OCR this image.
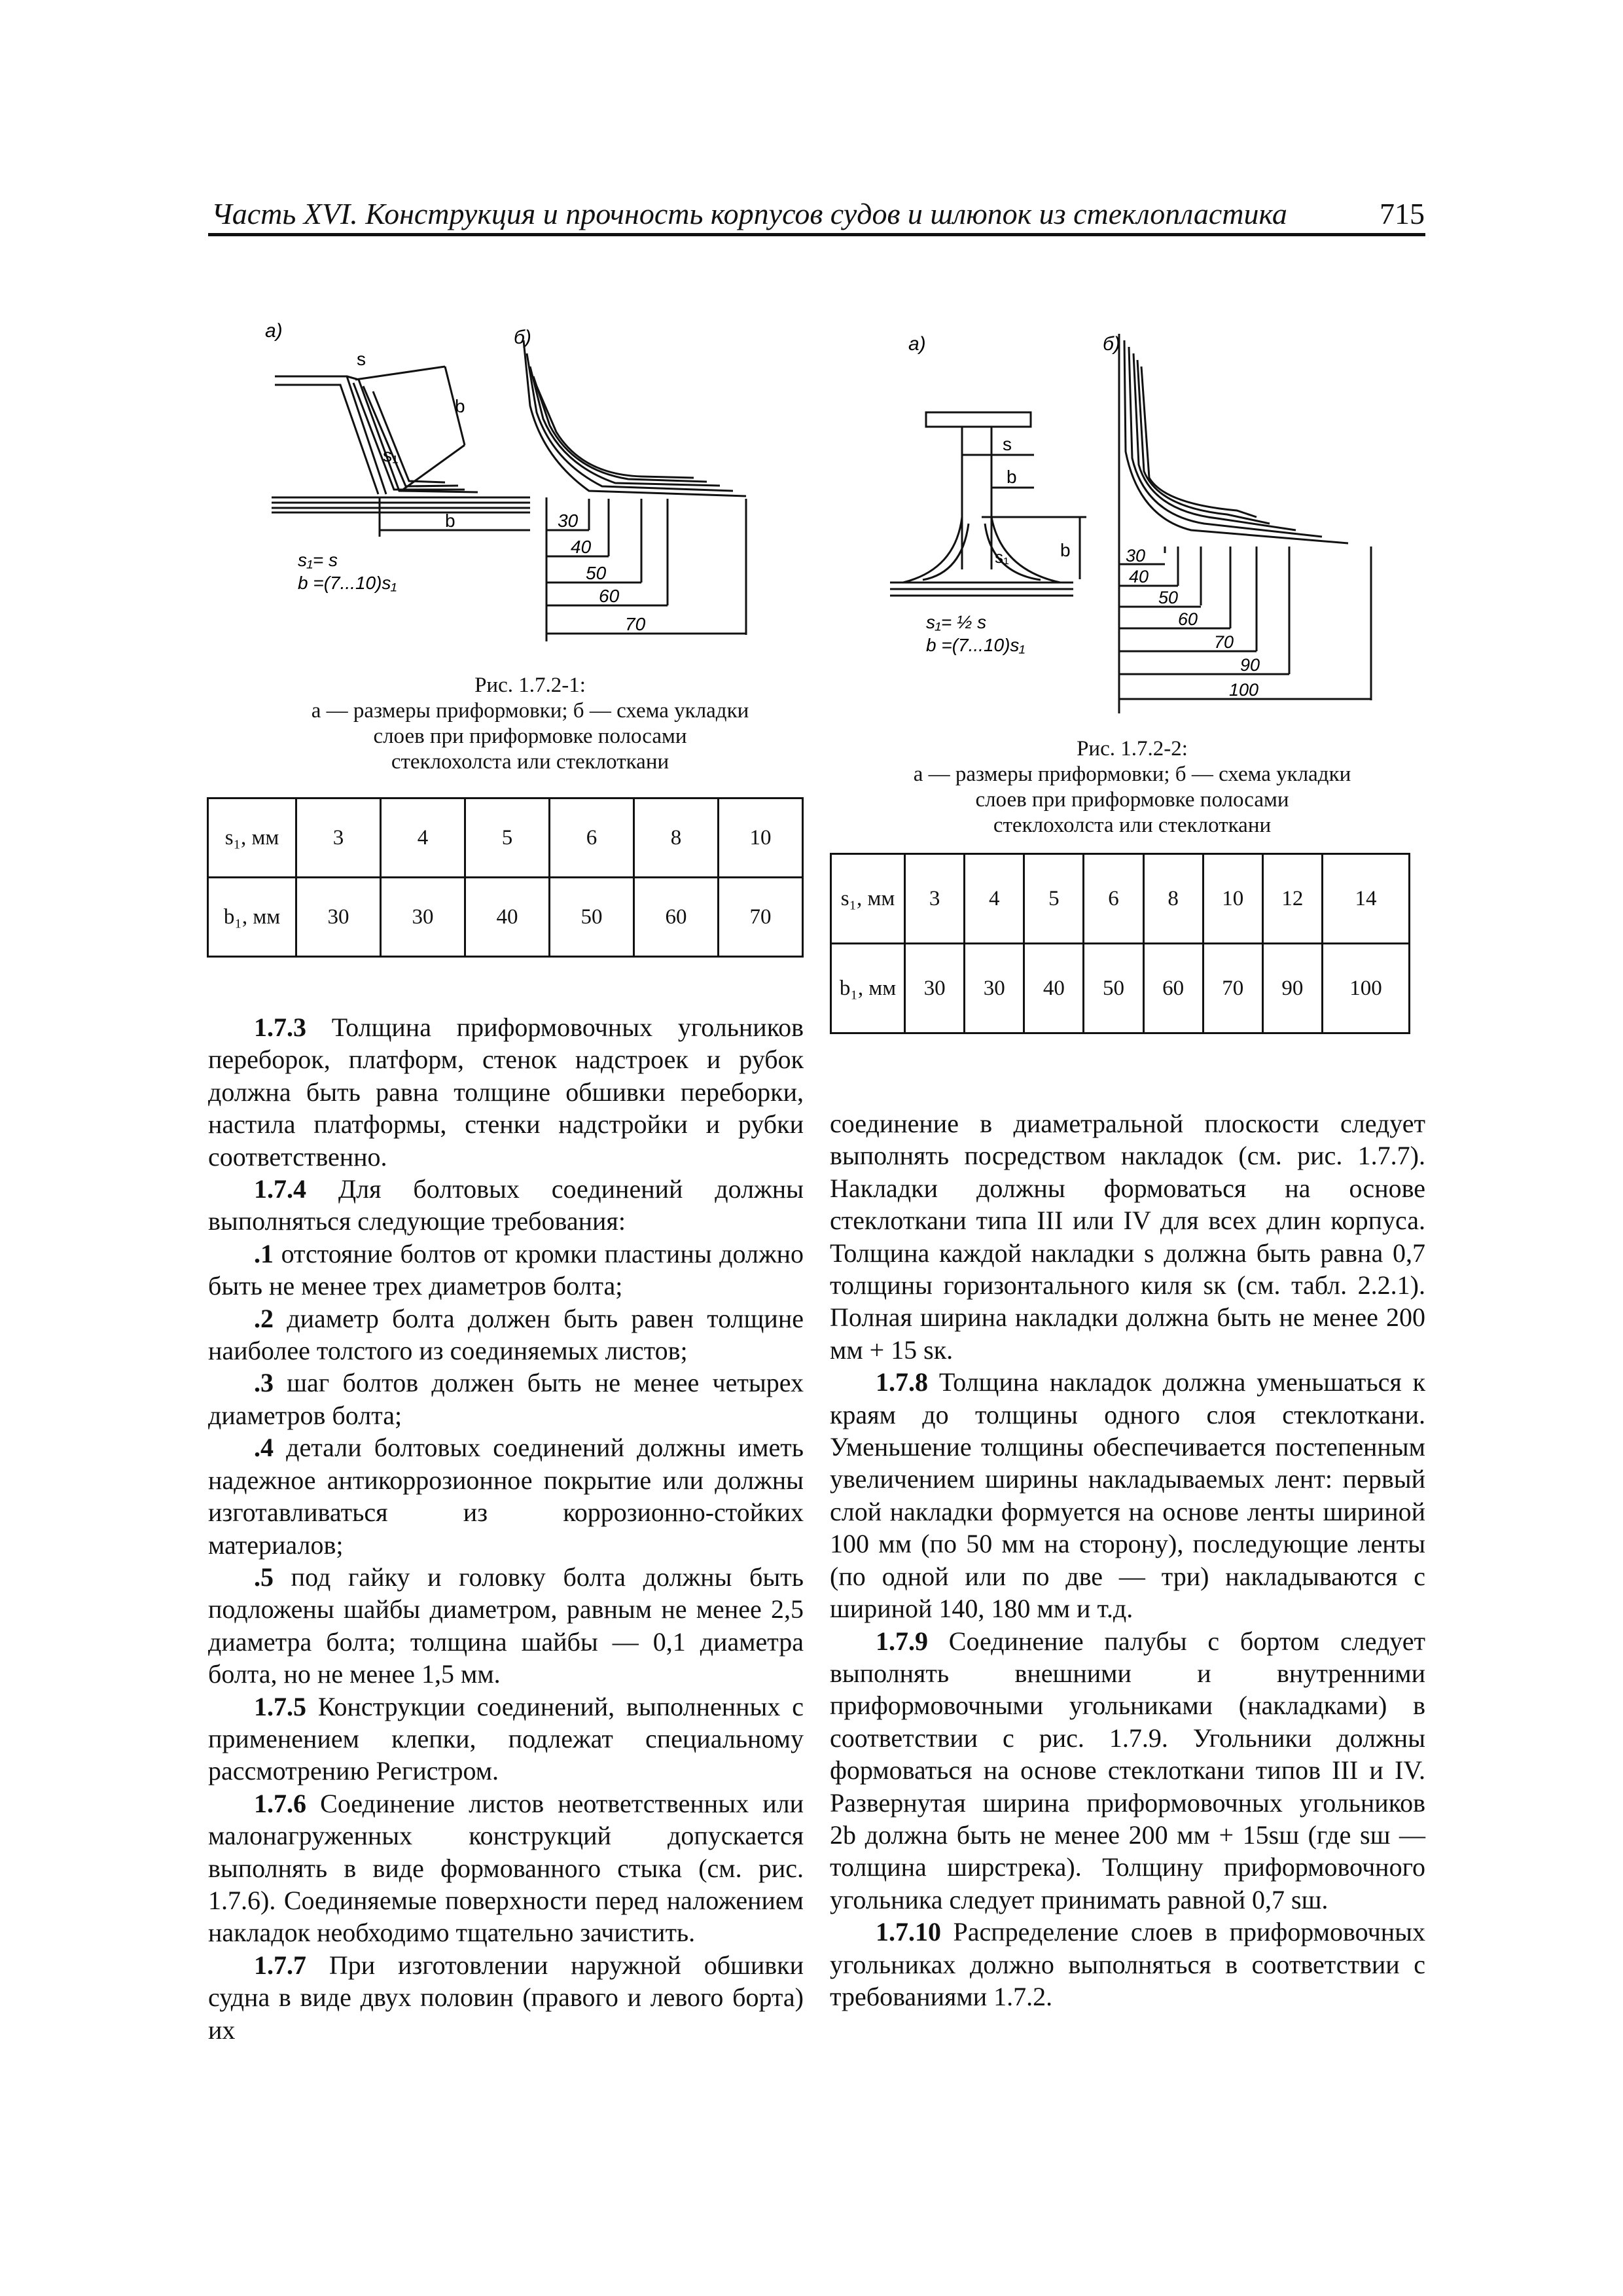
Часть XVI. Конструкция и прочность корпусов судов и шлюпок из стеклопластика	715
а)
s
s₁
b
b
s₁= s
b =(7...10)s₁
б)
30
40
50
60
70
Рис. 1.7.2-1:
а — размеры приформовки; б — схема укладки
слоев при приформовке полосами
стеклохолста или стеклоткани
а)
s
b
s₁	b
s₁= ½ s
b =(7...10)s₁
б)
30
40
50
60
70
90
100
Рис. 1.7.2-2:
а — размеры приформовки; б — схема укладки
слоев при приформовке полосами
стеклохолста или стеклоткани
s₁, мм	3	4	5	6	8	10
b₁, мм	30	30	40	50	60	70
s₁, мм	3	4	5	6	8	10	12	14
b₁, мм	30	30	40	50	60	70	90	100

1.7.3 Толщина приформовочных угольников переборок, платформ, стенок надстроек и рубок должна быть равна толщине обшивки переборки, настила платформы, стенки надстройки и рубки соответственно.

1.7.4 Для болтовых соединений должны выполняться следующие требования:

.1 отстояние болтов от кромки пластины должно быть не менее трех диаметров болта;

.2 диаметр болта должен быть равен толщине наиболее толстого из соединяемых листов;

.3 шаг болтов должен быть не менее четырех диаметров болта;

.4 детали болтовых соединений должны иметь надежное антикоррозионное покрытие или должны изготавливаться из коррозионно-стойких материалов;

.5 под гайку и головку болта должны быть подложены шайбы диаметром, равным не менее 2,5 диаметра болта; толщина шайбы — 0,1 диаметра болта, но не менее 1,5 мм.

1.7.5 Конструкции соединений, выполненных с применением клепки, подлежат специальному рассмотрению Регистром.

1.7.6 Соединение листов неответственных или малонагруженных конструкций допускается выполнять в виде формованного стыка (см. рис. 1.7.6). Соединяемые поверхности перед наложением накладок необходимо тщательно зачистить.

1.7.7 При изготовлении наружной обшивки судна в виде двух половин (правого и левого борта) их

соединение в диаметральной плоскости следует выполнять посредством накладок (см. рис. 1.7.7). Накладки должны формоваться на основе стеклоткани типа III или IV для всех длин корпуса. Толщина каждой накладки s должна быть равна 0,7 толщины горизонтального киля sк (см. табл. 2.2.1). Полная ширина накладки должна быть не менее 200 мм + 15 sк.

1.7.8 Толщина накладок должна уменьшаться к краям до толщины одного слоя стеклоткани. Уменьшение толщины обеспечивается постепенным увеличением ширины накладываемых лент: первый слой накладки формуется на основе ленты шириной 100 мм (по 50 мм на сторону), последующие ленты (по одной или по две — три) накладываются с шириной 140, 180 мм и т.д.

1.7.9 Соединение палубы с бортом следует выполнять внешними и внутренними приформовочными угольниками (накладками) в соответствии с рис. 1.7.9. Угольники должны формоваться на основе стеклоткани типов III и IV. Развернутая ширина приформовочных угольников 2b должна быть не менее 200 мм + 15sш (где sш — толщина ширстрека). Толщину приформовочного угольника следует принимать равной 0,7 sш.

1.7.10 Распределение слоев в приформовочных угольниках должно выполняться в соответствии с требованиями 1.7.2.
